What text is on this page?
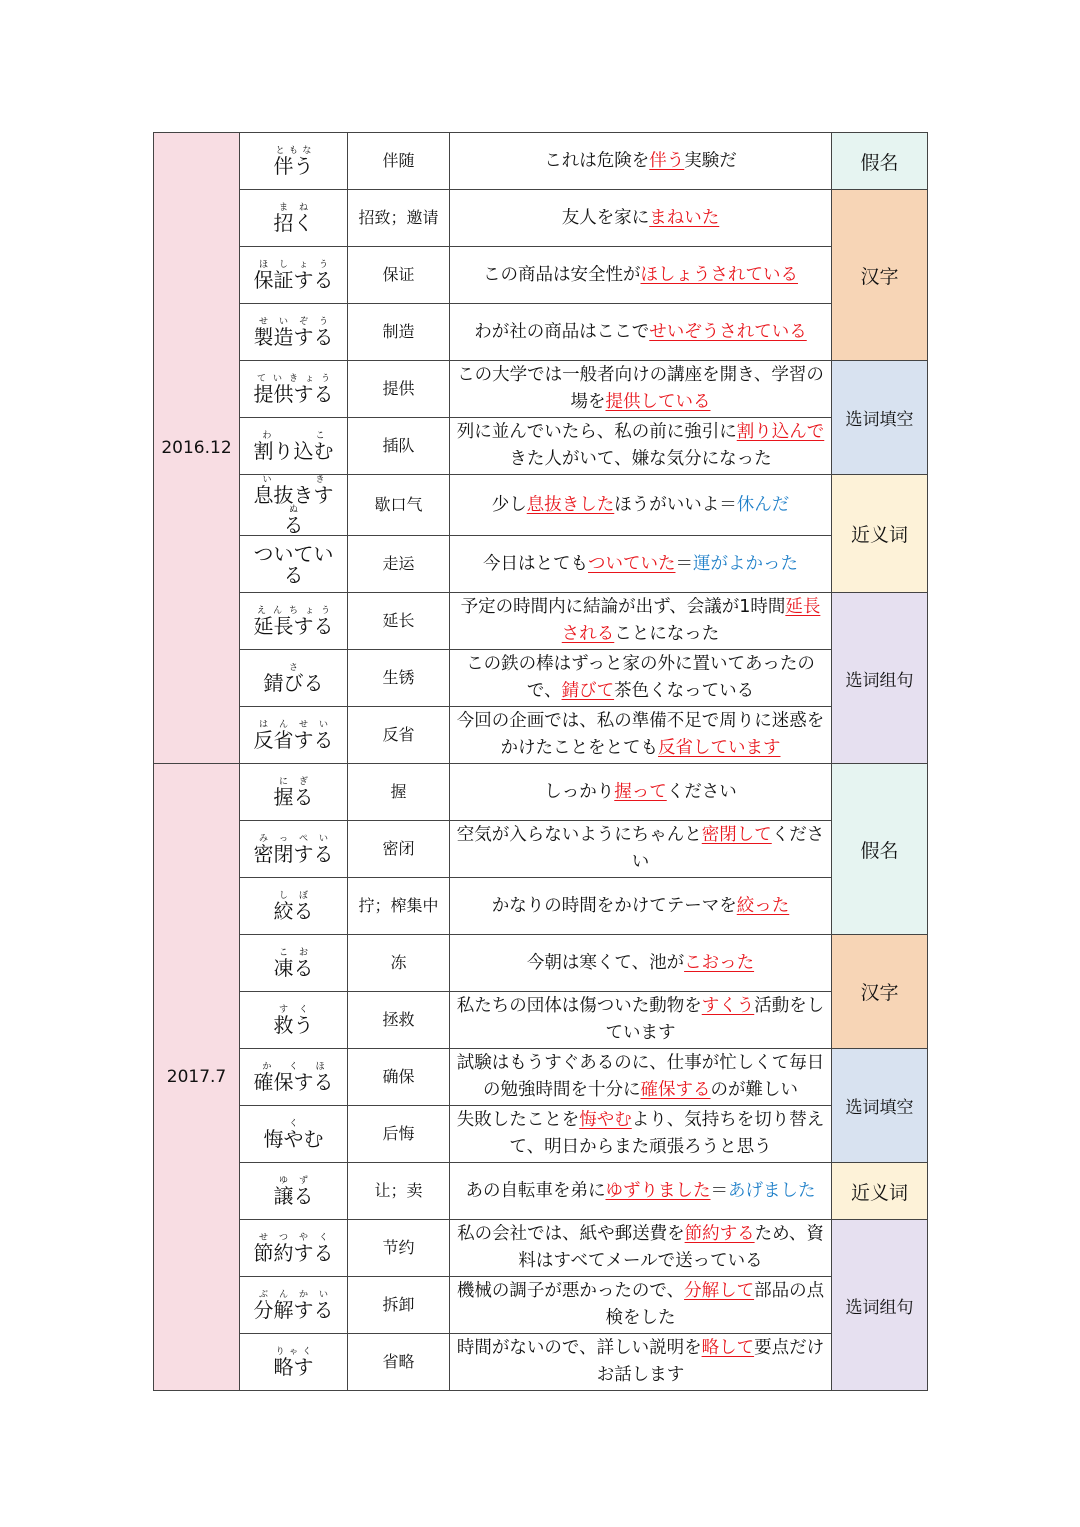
2016.12	伴うともな	伴随	これは危険を伴う実験だ	假名
	招くまね	招致；邀请	友人を家にまねいた	汉字
	保証するほしょう	保证	この商品は安全性がほしょうされている	
	製造するせいぞう	制造	わが社の商品はここでせいぞうされている	
	提供するていきょう	提供	この大学では一般者向けの講座を開き、学習の場を提供している	选词填空
	割り込むわ　こ	插队	列に並んでいたら、私の前に強引に割り込んできた人がいて、嫌な気分になった	
	息抜きするいきぬ	歇口气	少し息抜きしたほうがいいよ＝休んだ	近义词
	ついている	走运	今日はとてもついていた＝運がよかった	
	延長するえんちょう	延长	予定の時間内に結論が出ず、会議が1時間延長されることになった	选词组句
	錆びるさ	生锈	この鉄の棒はずっと家の外に置いてあったので、錆びて茶色くなっている	
	反省するはんせい	反省	今回の企画では、私の準備不足で周りに迷惑をかけたことをとても反省しています	
2017.7	握るにぎ	握	しっかり握ってください	假名
	密閉するみっぺい	密闭	空気が入らないようにちゃんと密閉してください	
	絞るしぼ	拧；榨集中	かなりの時間をかけてテーマを絞った	
	凍るこお	冻	今朝は寒くて、池がこおった	汉字
	救うすく	拯救	私たちの団体は傷ついた動物をすくう活動をしています	
	確保するかくほ	确保	試験はもうすぐあるのに、仕事が忙しくて毎日の勉強時間を十分に確保するのが難しい	选词填空
	悔やむく	后悔	失敗したことを悔やむより、気持ちを切り替えて、明日からまた頑張ろうと思う	
	譲るゆず	让；卖	あの自転車を弟にゆずりました＝あげました	近义词
	節約するせつやく	节约	私の会社では、紙や郵送費を節約するため、資料はすべてメールで送っている	选词组句
	分解するぶんかい	拆卸	機械の調子が悪かったので、分解して部品の点検をした	
	略すりゃく	省略	時間がないので、詳しい説明を略して要点だけお話します	
